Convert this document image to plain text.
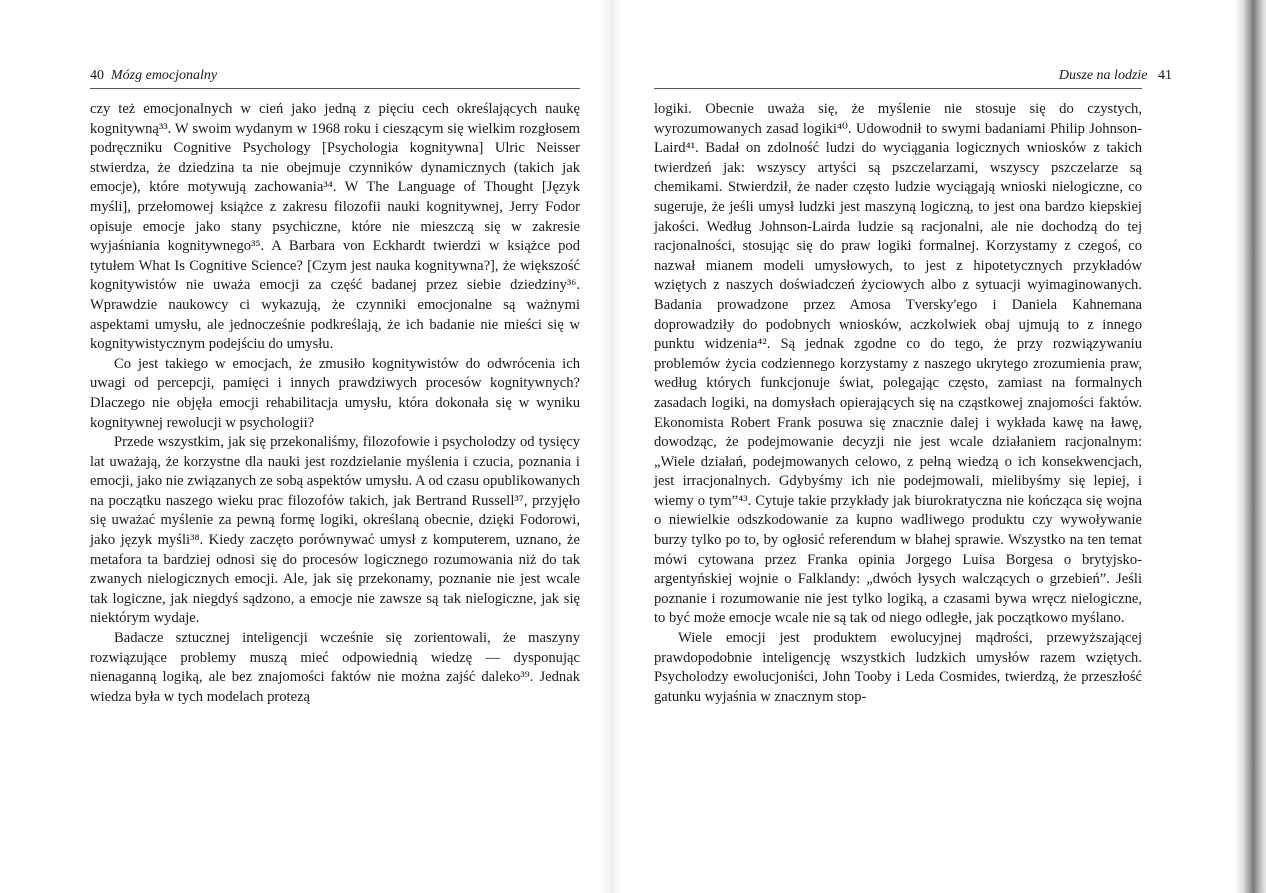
40 Mózg emocjonalny

czy też emocjonalnych w cień jako jedną z pięciu cech określających naukę kognitywną³³. W swoim wydanym w 1968 roku i cieszącym się wielkim rozgłosem podręczniku Cognitive Psychology [Psychologia kognitywna] Ulric Neisser stwierdza, że dziedzina ta nie obejmuje czynników dynamicznych (takich jak emocje), które motywują zachowania³⁴. W The Language of Thought [Język myśli], przełomowej książce z zakresu filozofii nauki kognitywnej, Jerry Fodor opisuje emocje jako stany psychiczne, które nie mieszczą się w zakresie wyjaśniania kognitywnego³⁵. A Barbara von Eckhardt twierdzi w książce pod tytułem What Is Cognitive Science? [Czym jest nauka kognitywna?], że większość kognitywistów nie uważa emocji za część badanej przez siebie dziedziny³⁶. Wprawdzie naukowcy ci wykazują, że czynniki emocjonalne są ważnymi aspektami umysłu, ale jednocześnie podkreślają, że ich badanie nie mieści się w kognitywistycznym podejściu do umysłu.

Co jest takiego w emocjach, że zmusiło kognitywistów do odwrócenia ich uwagi od percepcji, pamięci i innych prawdziwych procesów kognitywnych? Dlaczego nie objęła emocji rehabilitacja umysłu, która dokonała się w wyniku kognitywnej rewolucji w psychologii?

Przede wszystkim, jak się przekonaliśmy, filozofowie i psycholodzy od tysięcy lat uważają, że korzystne dla nauki jest rozdzielanie myślenia i czucia, poznania i emocji, jako nie związanych ze sobą aspektów umysłu. A od czasu opublikowanych na początku naszego wieku prac filozofów takich, jak Bertrand Russell³⁷, przyjęło się uważać myślenie za pewną formę logiki, określaną obecnie, dzięki Fodorowi, jako język myśli³⁸. Kiedy zaczęto porównywać umysł z komputerem, uznano, że metafora ta bardziej odnosi się do procesów logicznego rozumowania niż do tak zwanych nielogicznych emocji. Ale, jak się przekonamy, poznanie nie jest wcale tak logiczne, jak niegdyś sądzono, a emocje nie zawsze są tak nielogiczne, jak się niektórym wydaje.

Badacze sztucznej inteligencji wcześnie się zorientowali, że maszyny rozwiązujące problemy muszą mieć odpowiednią wiedzę — dysponując nienaganną logiką, ale bez znajomości faktów nie można zajść daleko³⁹. Jednak wiedza była w tych modelach protezą

Dusze na lodzie 41

logiki. Obecnie uważa się, że myślenie nie stosuje się do czystych, wyrozumowanych zasad logiki⁴⁰. Udowodnił to swymi badaniami Philip Johnson-Laird⁴¹. Badał on zdolność ludzi do wyciągania logicznych wniosków z takich twierdzeń jak: wszyscy artyści są pszczelarzami, wszyscy pszczelarze są chemikami. Stwierdził, że nader często ludzie wyciągają wnioski nielogiczne, co sugeruje, że jeśli umysł ludzki jest maszyną logiczną, to jest ona bardzo kiepskiej jakości. Według Johnson-Lairda ludzie są racjonalni, ale nie dochodzą do tej racjonalności, stosując się do praw logiki formalnej. Korzystamy z czegoś, co nazwał mianem modeli umysłowych, to jest z hipotetycznych przykładów wziętych z naszych doświadczeń życiowych albo z sytuacji wyimaginowanych. Badania prowadzone przez Amosa Tversky'ego i Daniela Kahnemana doprowadziły do podobnych wniosków, aczkolwiek obaj ujmują to z innego punktu widzenia⁴². Są jednak zgodne co do tego, że przy rozwiązywaniu problemów życia codziennego korzystamy z naszego ukrytego zrozumienia praw, według których funkcjonuje świat, polegając często, zamiast na formalnych zasadach logiki, na domysłach opierających się na cząstkowej znajomości faktów. Ekonomista Robert Frank posuwa się znacznie dalej i wykłada kawę na ławę, dowodząc, że podejmowanie decyzji nie jest wcale działaniem racjonalnym: „Wiele działań, podejmowanych celowo, z pełną wiedzą o ich konsekwencjach, jest irracjonalnych. Gdybyśmy ich nie podejmowali, mielibyśmy się lepiej, i wiemy o tym”⁴³. Cytuje takie przykłady jak biurokratyczna nie kończąca się wojna o niewielkie odszkodowanie za kupno wadliwego produktu czy wywoływanie burzy tylko po to, by ogłosić referendum w błahej sprawie. Wszystko na ten temat mówi cytowana przez Franka opinia Jorgego Luisa Borgesa o brytyjsko-argentyńskiej wojnie o Falklandy: „dwóch łysych walczących o grzebień”. Jeśli poznanie i rozumowanie nie jest tylko logiką, a czasami bywa wręcz nielogiczne, to być może emocje wcale nie są tak od niego odległe, jak początkowo myślano.

Wiele emocji jest produktem ewolucyjnej mądrości, przewyższającej prawdopodobnie inteligencję wszystkich ludzkich umysłów razem wziętych. Psycholodzy ewolucjoniści, John Tooby i Leda Cosmides, twierdzą, że przeszłość gatunku wyjaśnia w znacznym stop-
